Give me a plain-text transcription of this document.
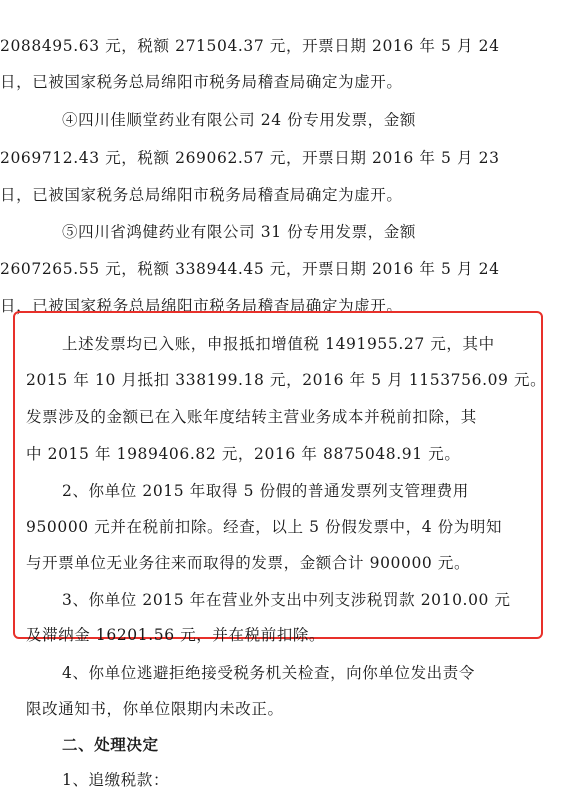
2088495.63 元，税额 271504.37 元，开票日期 2016 年 5 月 24
日，已被国家税务总局绵阳市税务局稽查局确定为虚开。
④四川佳顺堂药业有限公司 24 份专用发票，金额
2069712.43 元，税额 269062.57 元，开票日期 2016 年 5 月 23
日，已被国家税务总局绵阳市税务局稽查局确定为虚开。
⑤四川省鸿健药业有限公司 31 份专用发票，金额
2607265.55 元，税额 338944.45 元，开票日期 2016 年 5 月 24
日，已被国家税务总局绵阳市税务局稽查局确定为虚开。
上述发票均已入账，申报抵扣增值税 1491955.27 元，其中
2015 年 10 月抵扣 338199.18 元，2016 年 5 月 1153756.09 元。
发票涉及的金额已在入账年度结转主营业务成本并税前扣除，其
中 2015 年 1989406.82 元，2016 年 8875048.91 元。
2、你单位 2015 年取得 5 份假的普通发票列支管理费用
950000 元并在税前扣除。经查，以上 5 份假发票中，4 份为明知
与开票单位无业务往来而取得的发票，金额合计 900000 元。
3、你单位 2015 年在营业外支出中列支涉税罚款 2010.00 元
及滞纳金 16201.56 元，并在税前扣除。
4、你单位逃避拒绝接受税务机关检查，向你单位发出责令
限改通知书，你单位限期内未改正。
二、处理决定
1、追缴税款：
